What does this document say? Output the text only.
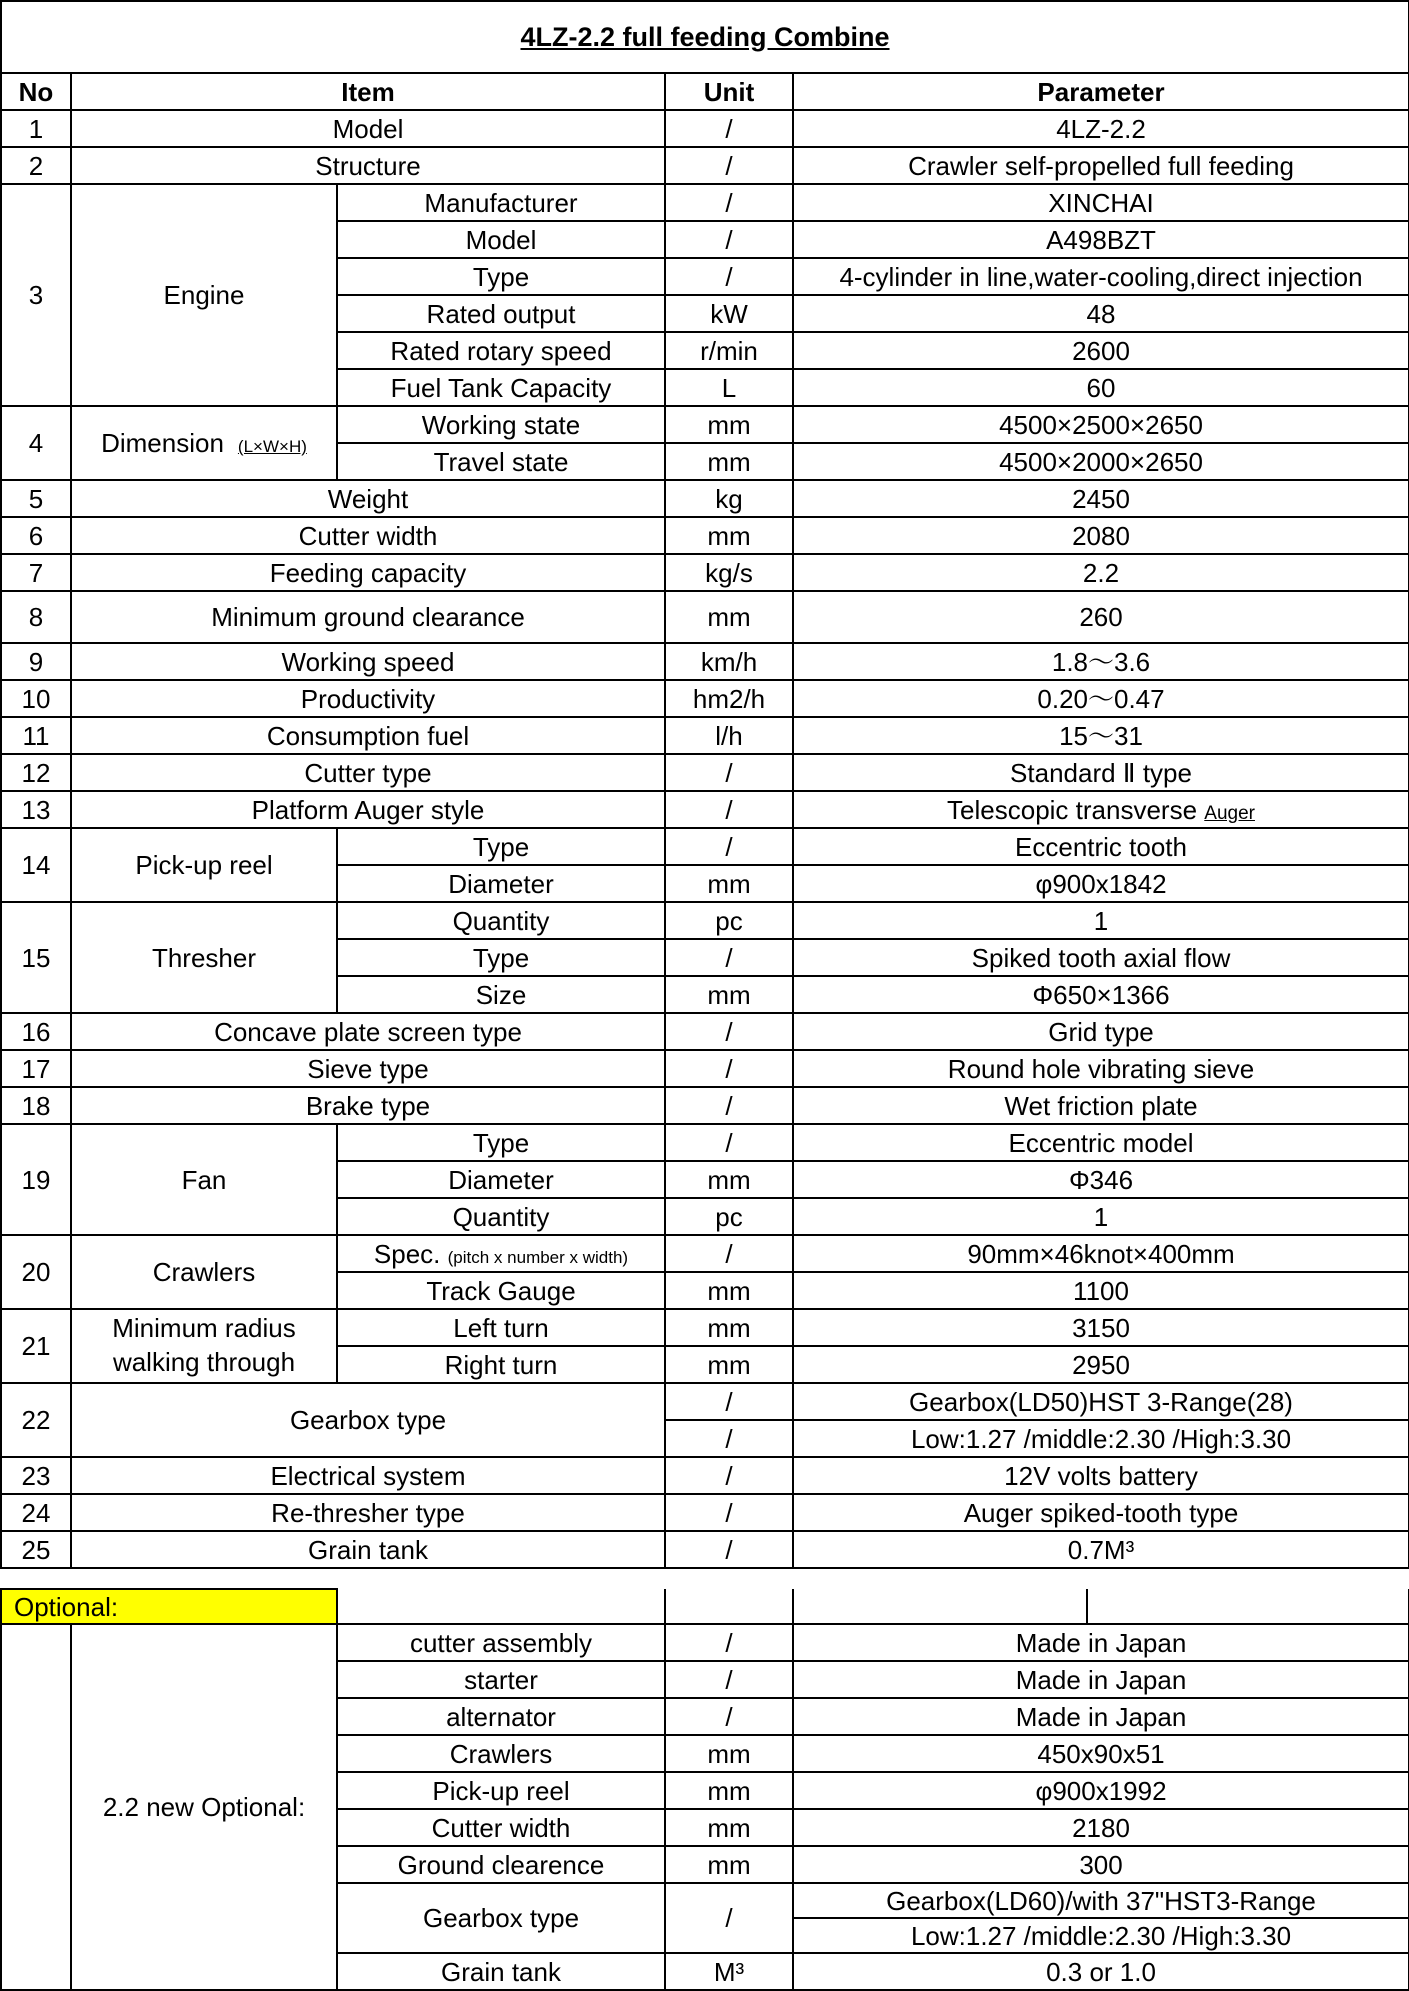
4LZ-2.2 full feeding Combine				
No	Item		Unit	Parameter
1	Model		/	4LZ-2.2
2	Structure		/	Crawler self-propelled full feeding
3	Engine	Manufacturer	/	XINCHAI
		Model	/	A498BZT
		Type	/	4-cylinder in line,water-cooling,direct injection
		Rated output	kW	48
		Rated rotary speed	r/min	2600
		Fuel Tank Capacity	L	60
4	Dimension (L×W×H)	Working state	mm	4500×2500×2650
		Travel state	mm	4500×2000×2650
5	Weight		kg	2450
6	Cutter width		mm	2080
7	Feeding capacity		kg/s	2.2
8	Minimum ground clearance		mm	260
9	Working speed		km/h	1.8～3.6
10	Productivity		hm2/h	0.20～0.47
11	Consumption fuel		l/h	15～31
12	Cutter type		/	Standard Ⅱ type
13	Platform Auger style		/	Telescopic transverse Auger
14	Pick-up reel	Type	/	Eccentric tooth
		Diameter	mm	φ900x1842
15	Thresher	Quantity	pc	1
		Type	/	Spiked tooth axial flow
		Size	mm	Φ650×1366
16	Concave plate screen type		/	Grid type
17	Sieve type		/	Round hole vibrating sieve
18	Brake type		/	Wet friction plate
19	Fan	Type	/	Eccentric model
		Diameter	mm	Φ346
		Quantity	pc	1
20	Crawlers	Spec. (pitch x number x width)	/	90mm×46knot×400mm
		Track Gauge	mm	1100
21	Minimum radius
walking through	Left turn	mm	3150
		Right turn	mm	2950
22	Gearbox type		/	Gearbox(LD50)HST 3-Range(28)
			/	Low:1.27 /middle:2.30 /High:3.30
23	Electrical system		/	12V volts battery
24	Re-thresher type		/	Auger spiked-tooth type
25	Grain tank		/	0.7M³
Optional:				

	2.2 new Optional:	cutter assembly	/	Made in Japan
		starter	/	Made in Japan
		alternator	/	Made in Japan
		Crawlers	mm	450x90x51
		Pick-up reel	mm	φ900x1992
		Cutter width	mm	2180
		Ground clearence	mm	300
		Gearbox type	/	Gearbox(LD60)/with 37"HST3-Range
				Low:1.27 /middle:2.30 /High:3.30
		Grain tank	M³	0.3 or 1.0
